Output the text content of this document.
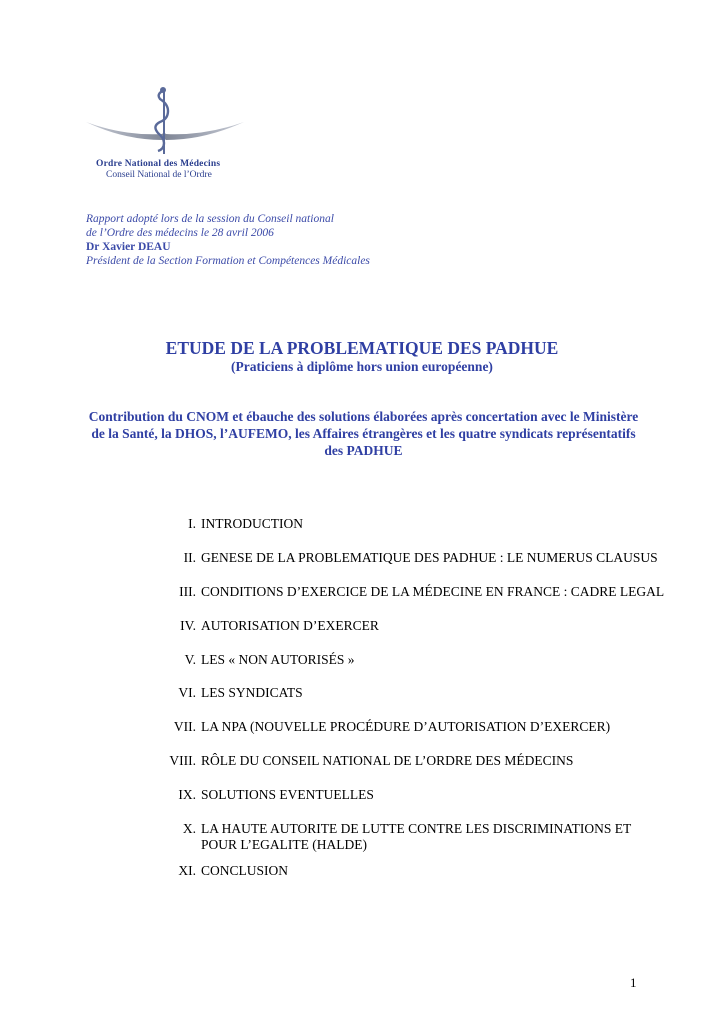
Ordre National des Médecins
Conseil National de l’Ordre
Rapport adopté lors de la session du Conseil national
de l’Ordre des médecins le 28 avril 2006
Dr Xavier DEAU
Président de la Section Formation et Compétences Médicales
ETUDE DE LA PROBLEMATIQUE DES PADHUE
(Praticiens à diplôme hors union européenne)
Contribution du CNOM et ébauche des solutions élaborées après concertation avec le Ministère de la Santé, la DHOS, l’AUFEMO, les Affaires étrangères et les quatre syndicats représentatifs des PADHUE
I. INTRODUCTION
II. GENESE DE LA PROBLEMATIQUE DES PADHUE : LE NUMERUS CLAUSUS
III. CONDITIONS D’EXERCICE DE LA MÉDECINE EN FRANCE : CADRE LEGAL
IV. AUTORISATION D’EXERCER
V. LES « NON AUTORISÉS »
VI. LES SYNDICATS
VII. LA NPA (NOUVELLE PROCÉDURE D’AUTORISATION D’EXERCER)
VIII. RÔLE DU CONSEIL NATIONAL DE L’ORDRE DES MÉDECINS
IX. SOLUTIONS EVENTUELLES
X. LA HAUTE AUTORITE DE LUTTE CONTRE LES DISCRIMINATIONS ET
POUR L’EGALITE (HALDE)
XI. CONCLUSION
1
